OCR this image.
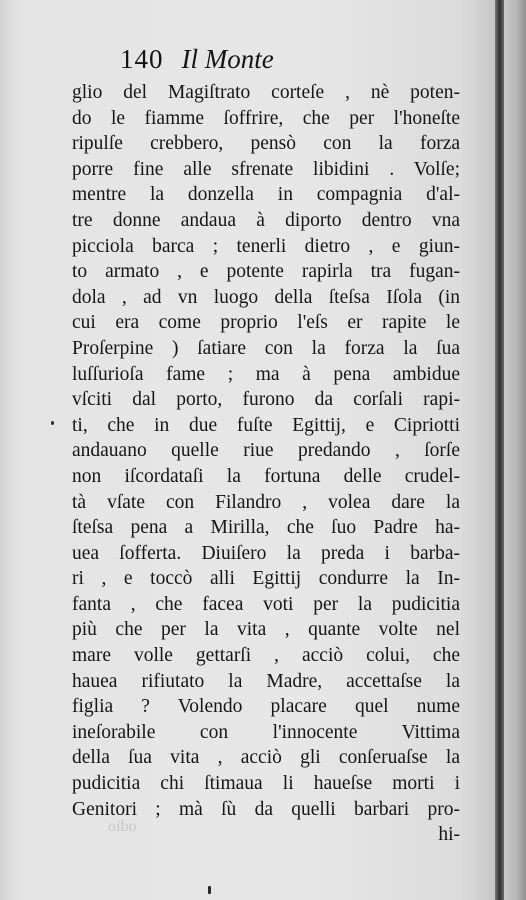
140 Il Monte
glio del Magiſtrato corteſe , nè poten-
do le fiamme ſoffrire, che per l'honeſte
ripulſe crebbero, pensò con la forza
porre fine alle sfrenate libidini . Volſe;
mentre la donzella in compagnia d'al-
tre donne andaua à diporto dentro vna
picciola barca ; tenerli dietro , e giun-
to armato , e potente rapirla tra fugan-
dola , ad vn luogo della ſteſsa Iſola (in
cui era come proprio l'eſs er rapite le
Proſerpine ) ſatiare con la forza la ſua
luſſurioſa fame ; ma à pena ambidue
vſciti dal porto, furono da corſali rapi-
ti, che in due fuſte Egittij, e Cipriotti
andauano quelle riue predando , ſorſe
non iſcordataſi la fortuna delle crudel-
tà vſate con Filandro , volea dare la
ſteſsa pena a Mirilla, che ſuo Padre ha-
uea ſofferta. Diuiſero la preda i barba-
ri , e toccò alli Egittij condurre la In-
fanta , che facea voti per la pudicitia
più che per la vita , quante volte nel
mare volle gettarſi , acciò colui, che
hauea rifiutato la Madre, accettaſse la
figlia ? Volendo placare quel nume
ineſorabile con l'innocente Vittima
della ſua vita , acciò gli conſeruaſse la
pudicitia chi ſtimaua li haueſse morti i
Genitori ; mà ſù da quelli barbari pro-
hi-
odio
